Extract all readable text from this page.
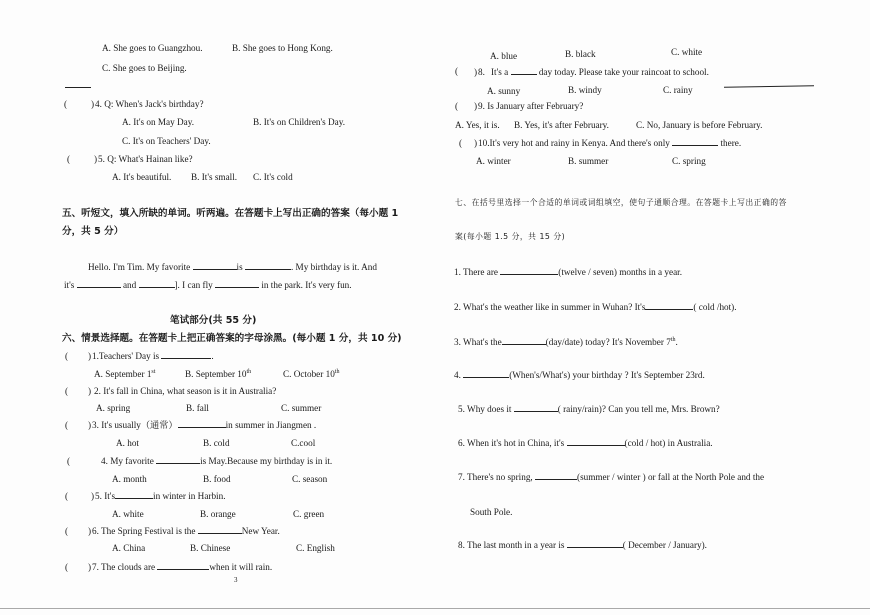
A. She goes to Guangzhou.	B. She goes to Hong Kong.
C. She goes to Beijing.
(	) 4. Q: When's Jack's birthday?
A. It's on May Day.	B. It's on Children's Day.
C. It's on Teachers' Day.
(	) 5. Q: What's Hainan like?
A. It's beautiful. B. It's small. C. It's cold
五、听短文，填入所缺的单词。听两遍。在答题卡上写出正确的答案（每小题 1
分，共 5 分）
Hello. I'm Tim. My favorite	is	. My birthday is it. And
it's	and	]. I can fly	in the park. It's very fun.
笔试部分(共 55 分)
六、情景选择题。在答题卡上把正确答案的字母涂黑。(每小题 1 分，共 10 分)
( ) 1.Teachers' Day is	.
A. September 1st	B. September 10th	C. October 10th
( ) 2. It's fall in China, what season is it in Australia?
A. spring	B. fall	C. summer
( ) 3. It's usually（通常）	in summer in Jiangmen .
A. hot	B. cold	C.cool
(	4. My favorite	is May.Because my birthday is in it.
A. month	B. food	C. season
( ) 5. It's	in winter in Harbin.
A. white	B. orange	C. green
( ) 6. The Spring Festival is the	New Year.
A. China	B. Chinese	C. English
( ) 7. The clouds are	when it will rain.
3
A. blue	B. black	C. white
( ) 8. It's a	day today. Please take your raincoat to school.
A. sunny	B. windy	C. rainy
( ) 9. Is January after February?
A. Yes, it is. B. Yes, it's after February.	C. No, January is before February.
( ) 10.It's very hot and rainy in Kenya. And there's only	there.
A. winter	B. summer	C. spring
七、在括号里选择一个合适的单词或词组填空，使句子通顺合理。在答题卡上写出正确的答
案(每小题 1.5 分，共 15 分)
1. There are	(twelve / seven) months in a year.
2. What's the weather like in summer in Wuhan? It's	( cold /hot).
3. What's the	(day/date) today? It's November 7th.
4.	(When's/What's) your birthday ? It's September 23rd.
5. Why does it	( rainy/rain)? Can you tell me, Mrs. Brown?
6. When it's hot in China, it's	(cold / hot) in Australia.
7. There's no spring,	(summer / winter ) or fall at the North Pole and the
South Pole.
8. The last month in a year is	( December / January).
